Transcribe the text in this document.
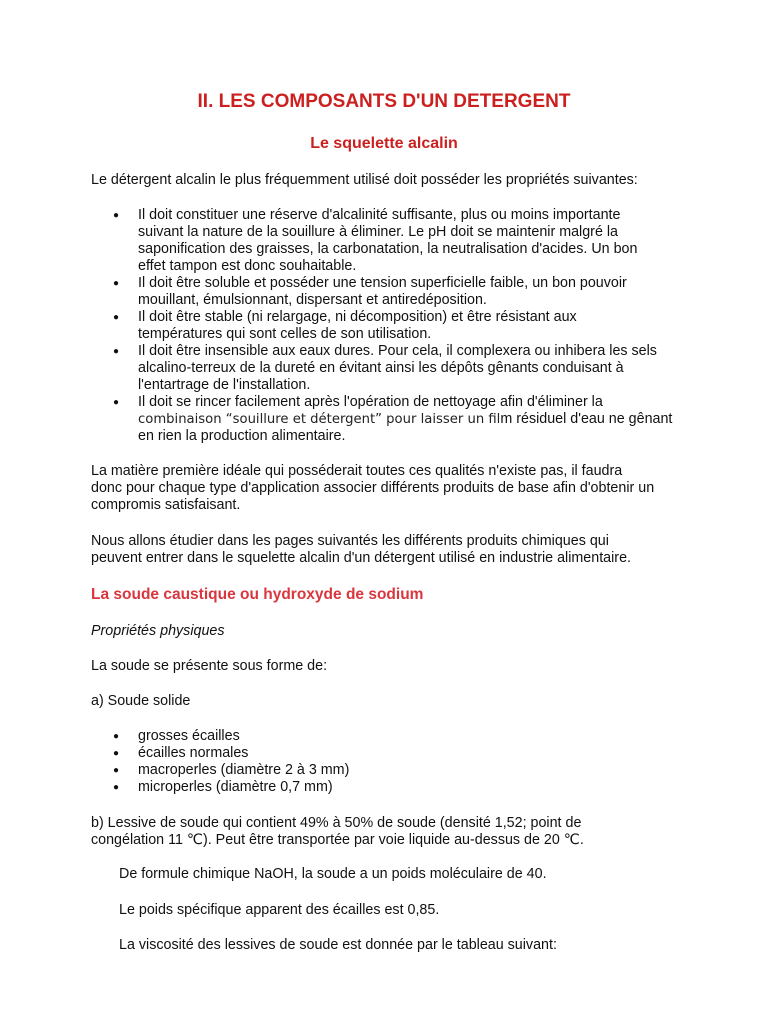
II. LES COMPOSANTS D'UN DETERGENT
Le squelette alcalin

Le détergent alcalin le plus fréquemment utilisé doit posséder les propriétés suivantes:

● Il doit constituer une réserve d'alcalinité suffisante, plus ou moins importante
suivant la nature de la souillure à éliminer. Le pH doit se maintenir malgré la
saponification des graisses, la carbonatation, la neutralisation d'acides. Un bon
effet tampon est donc souhaitable.
● Il doit être soluble et posséder une tension superficielle faible, un bon pouvoir
mouillant, émulsionnant, dispersant et antiredéposition.
● Il doit être stable (ni relargage, ni décomposition) et être résistant aux
températures qui sont celles de son utilisation.
● Il doit être insensible aux eaux dures. Pour cela, il complexera ou inhibera les sels
alcalino-terreux de la dureté en évitant ainsi les dépôts gênants conduisant à
l'entartrage de l'installation.
● Il doit se rincer facilement après l'opération de nettoyage afin d'éliminer la
combinaison “souillure et détergent” pour laisser un film résiduel d'eau ne gênant
en rien la production alimentaire.
La matière première idéale qui posséderait toutes ces qualités n'existe pas, il faudra
donc pour chaque type d'application associer différents produits de base afin d'obtenir un
compromis satisfaisant.
Nous allons étudier dans les pages suivantés les différents produits chimiques qui
peuvent entrer dans le squelette alcalin d'un détergent utilisé en industrie alimentaire.
La soude caustique ou hydroxyde de sodium

Propriétés physiques

La soude se présente sous forme de:

a) Soude solide

● grosses écailles
● écailles normales
● macroperles (diamètre 2 à 3 mm)
● microperles (diamètre 0,7 mm)
b) Lessive de soude qui contient 49% à 50% de soude (densité 1,52; point de
congélation 11 ℃). Peut être transportée par voie liquide au-dessus de 20 ℃.

De formule chimique NaOH, la soude a un poids moléculaire de 40.

Le poids spécifique apparent des écailles est 0,85.

La viscosité des lessives de soude est donnée par le tableau suivant:
